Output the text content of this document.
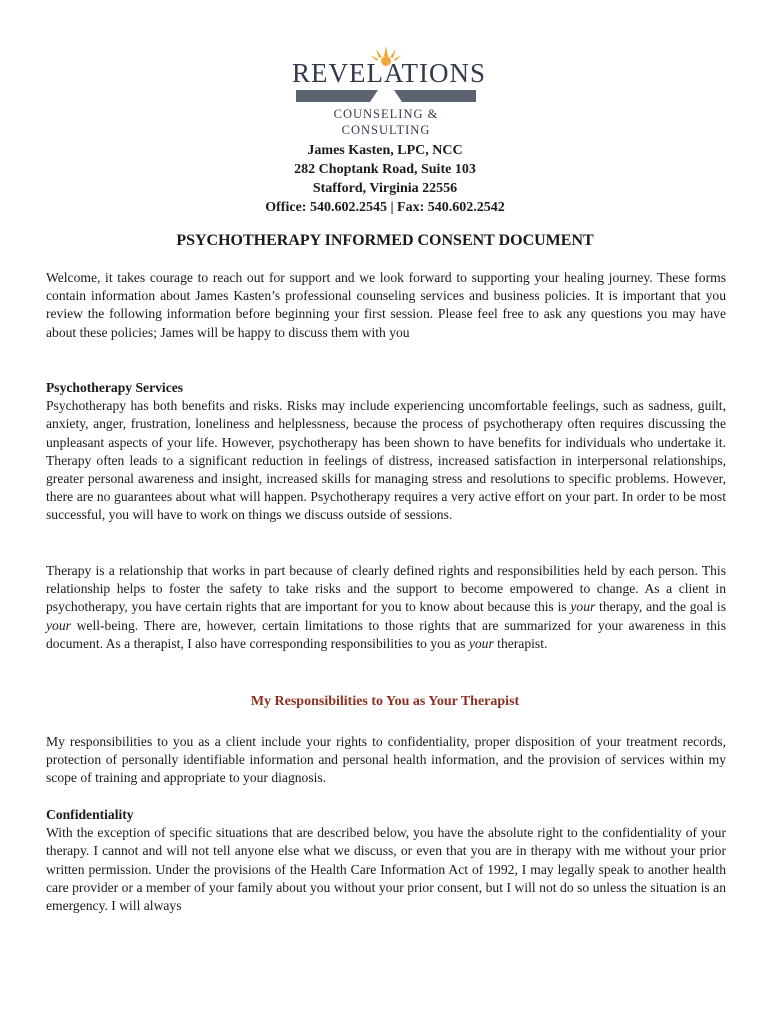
REVELATIONS
COUNSELING & CONSULTING
James Kasten, LPC, NCC
282 Choptank Road, Suite 103
Stafford, Virginia 22556
Office: 540.602.2545 | Fax: 540.602.2542
PSYCHOTHERAPY INFORMED CONSENT DOCUMENT

Welcome, it takes courage to reach out for support and we look forward to supporting your healing journey. These forms contain information about James Kasten’s professional counseling services and business policies. It is important that you review the following information before beginning your first session. Please feel free to ask any questions you may have about these policies; James will be happy to discuss them with you

Psychotherapy Services

Psychotherapy has both benefits and risks. Risks may include experiencing uncomfortable feelings, such as sadness, guilt, anxiety, anger, frustration, loneliness and helplessness, because the process of psychotherapy often requires discussing the unpleasant aspects of your life. However, psychotherapy has been shown to have benefits for individuals who undertake it. Therapy often leads to a significant reduction in feelings of distress, increased satisfaction in interpersonal relationships, greater personal awareness and insight, increased skills for managing stress and resolutions to specific problems. However, there are no guarantees about what will happen. Psychotherapy requires a very active effort on your part. In order to be most successful, you will have to work on things we discuss outside of sessions.

Therapy is a relationship that works in part because of clearly defined rights and responsibilities held by each person. This relationship helps to foster the safety to take risks and the support to become empowered to change. As a client in psychotherapy, you have certain rights that are important for you to know about because this is your therapy, and the goal is your well-being. There are, however, certain limitations to those rights that are summarized for your awareness in this document. As a therapist, I also have corresponding responsibilities to you as your therapist.

My Responsibilities to You as Your Therapist

My responsibilities to you as a client include your rights to confidentiality, proper disposition of your treatment records, protection of personally identifiable information and personal health information, and the provision of services within my scope of training and appropriate to your diagnosis.

Confidentiality

With the exception of specific situations that are described below, you have the absolute right to the confidentiality of your therapy. I cannot and will not tell anyone else what we discuss, or even that you are in therapy with me without your prior written permission. Under the provisions of the Health Care Information Act of 1992, I may legally speak to another health care provider or a member of your family about you without your prior consent, but I will not do so unless the situation is an emergency. I will always
